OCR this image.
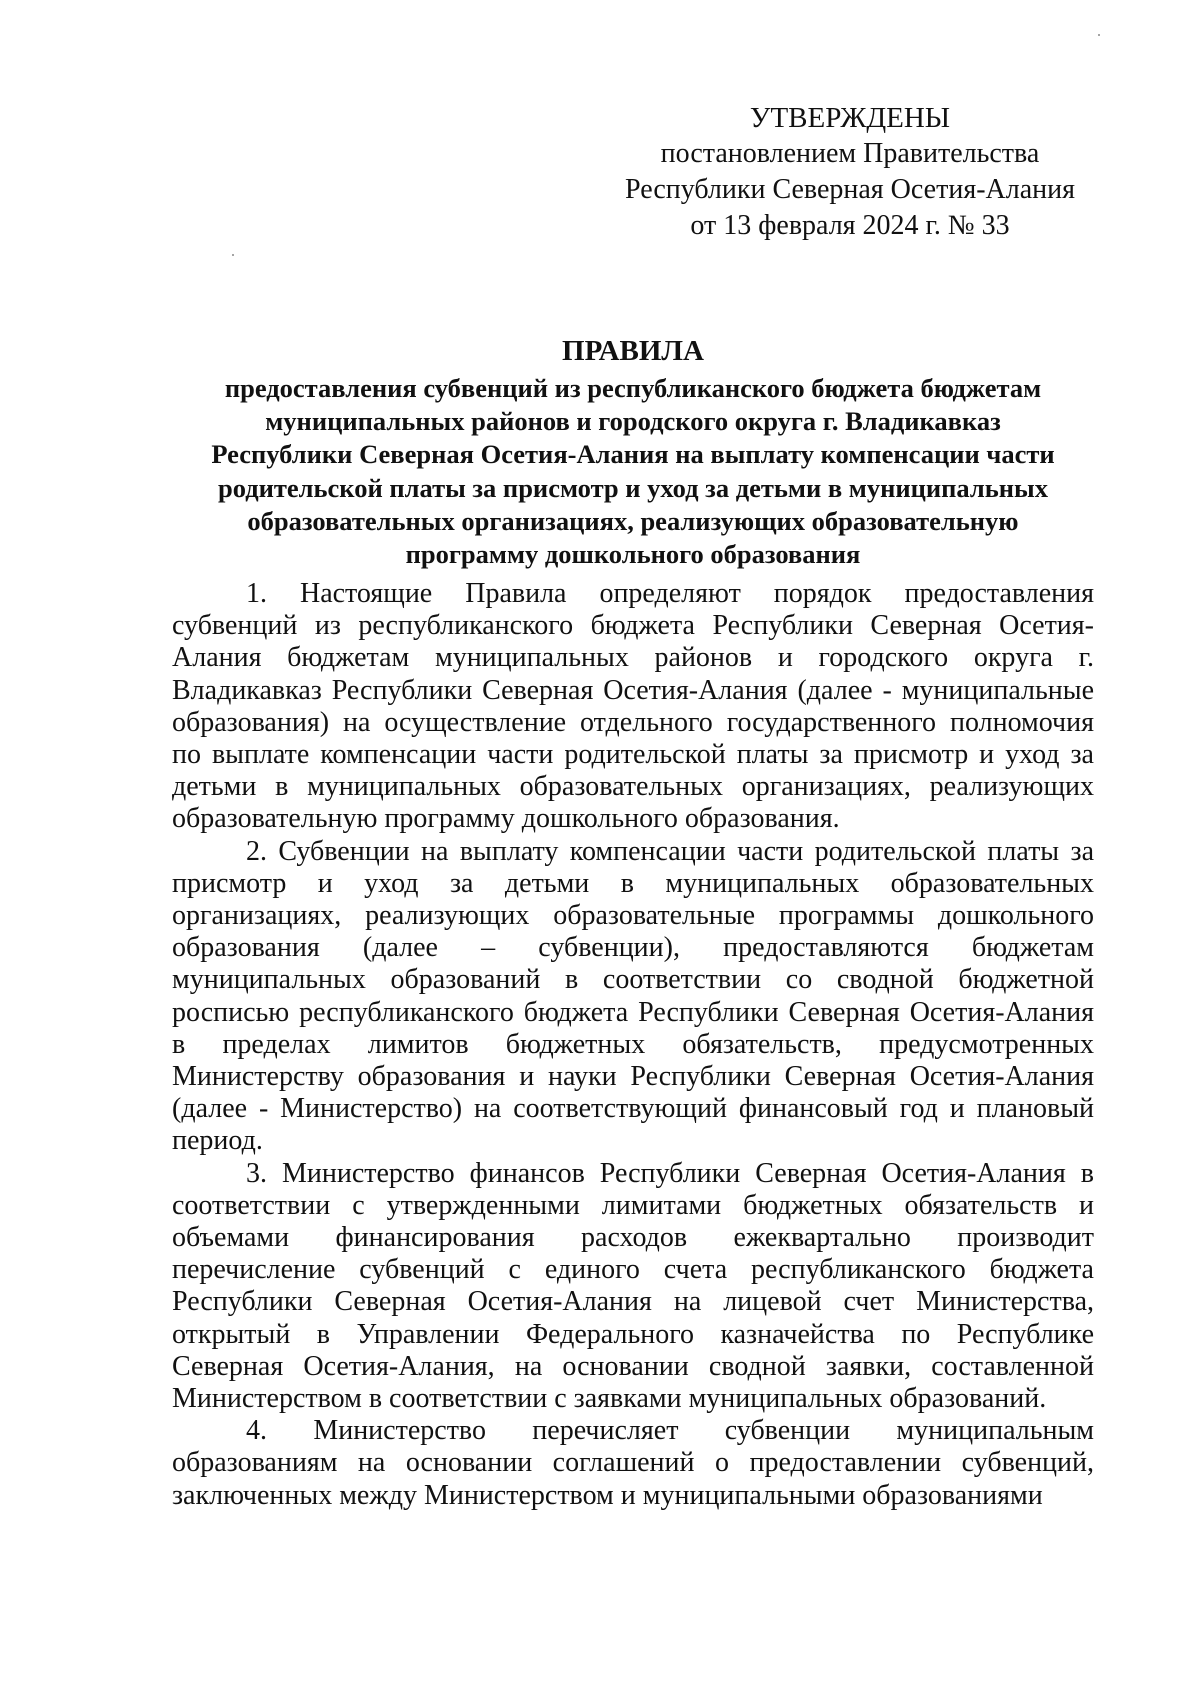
УТВЕРЖДЕНЫ
постановлением Правительства
Республики Северная Осетия-Алания
от 13 февраля 2024 г. № 33
ПРАВИЛА
предоставления субвенций из республиканского бюджета бюджетам
муниципальных районов и городского округа г. Владикавказ
Республики Северная Осетия-Алания на выплату компенсации части
родительской платы за присмотр и уход за детьми в муниципальных
образовательных организациях, реализующих образовательную
программу дошкольного образования

1. Настоящие Правила определяют порядок предоставления субвенций из республиканского бюджета Республики Северная Осетия-Алания бюджетам муниципальных районов и городского округа г. Владикавказ Республики Северная Осетия-Алания (далее - муниципальные образования) на осуществление отдельного государственного полномочия по выплате компенсации части родительской платы за присмотр и уход за детьми в муниципальных образовательных организациях, реализующих образовательную программу дошкольного образования.

2. Субвенции на выплату компенсации части родительской платы за присмотр и уход за детьми в муниципальных образовательных организациях, реализующих образовательные программы дошкольного образования (далее – субвенции), предоставляются бюджетам муниципальных образований в соответствии со сводной бюджетной росписью республиканского бюджета Республики Северная Осетия-Алания в пределах лимитов бюджетных обязательств, предусмотренных Министерству образования и науки Республики Северная Осетия-Алания (далее - Министерство) на соответствующий финансовый год и плановый период.

3. Министерство финансов Республики Северная Осетия-Алания в соответствии с утвержденными лимитами бюджетных обязательств и объемами финансирования расходов ежеквартально производит перечисление субвенций с единого счета республиканского бюджета Республики Северная Осетия-Алания на лицевой счет Министерства, открытый в Управлении Федерального казначейства по Республике Северная Осетия-Алания, на основании сводной заявки, составленной Министерством в соответствии с заявками муниципальных образований.

4. Министерство перечисляет субвенции муниципальным образованиям на основании соглашений о предоставлении субвенций, заключенных между Министерством и муниципальными образованиями
